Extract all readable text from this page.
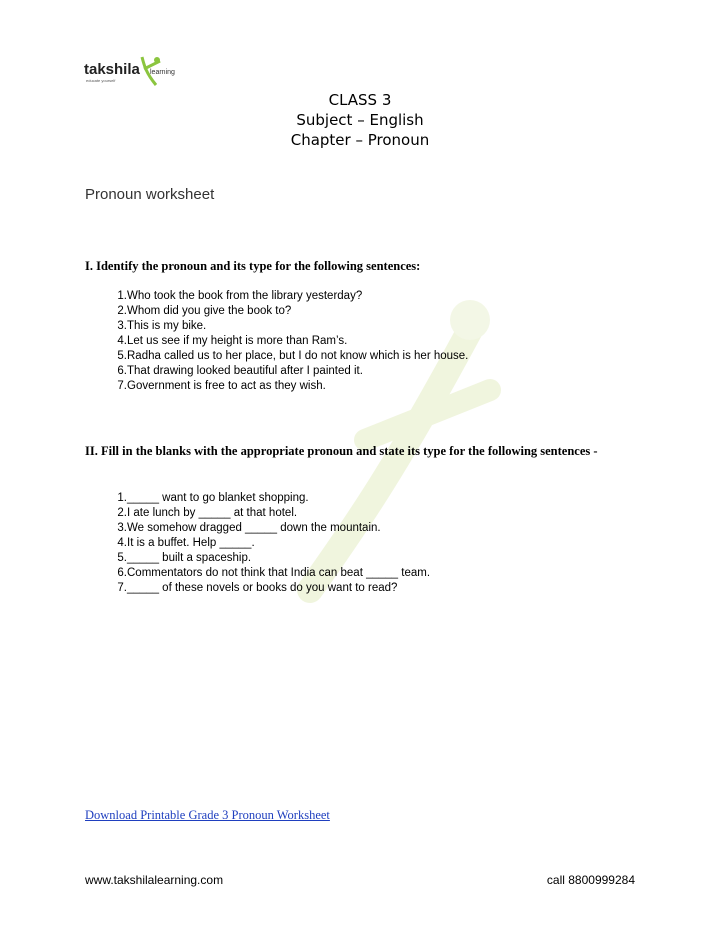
takshila learning
educate yourself
CLASS 3
Subject – English
Chapter – Pronoun
Pronoun worksheet
I. Identify the pronoun and its type for the following sentences:
1. Who took the book from the library yesterday?
2. Whom did you give the book to?
3. This is my bike.
4. Let us see if my height is more than Ram’s.
5. Radha called us to her place, but I do not know which is her house.
6. That drawing looked beautiful after I painted it.
7. Government is free to act as they wish.
II. Fill in the blanks with the appropriate pronoun and state its type for the following sentences -
1. _____ want to go blanket shopping.
2. I ate lunch by _____ at that hotel.
3. We somehow dragged _____ down the mountain.
4. It is a buffet. Help _____.
5. _____ built a spaceship.
6. Commentators do not think that India can beat _____ team.
7. _____ of these novels or books do you want to read?
Download Printable Grade 3 Pronoun Worksheet
www.takshilalearning.com	call 8800999284
